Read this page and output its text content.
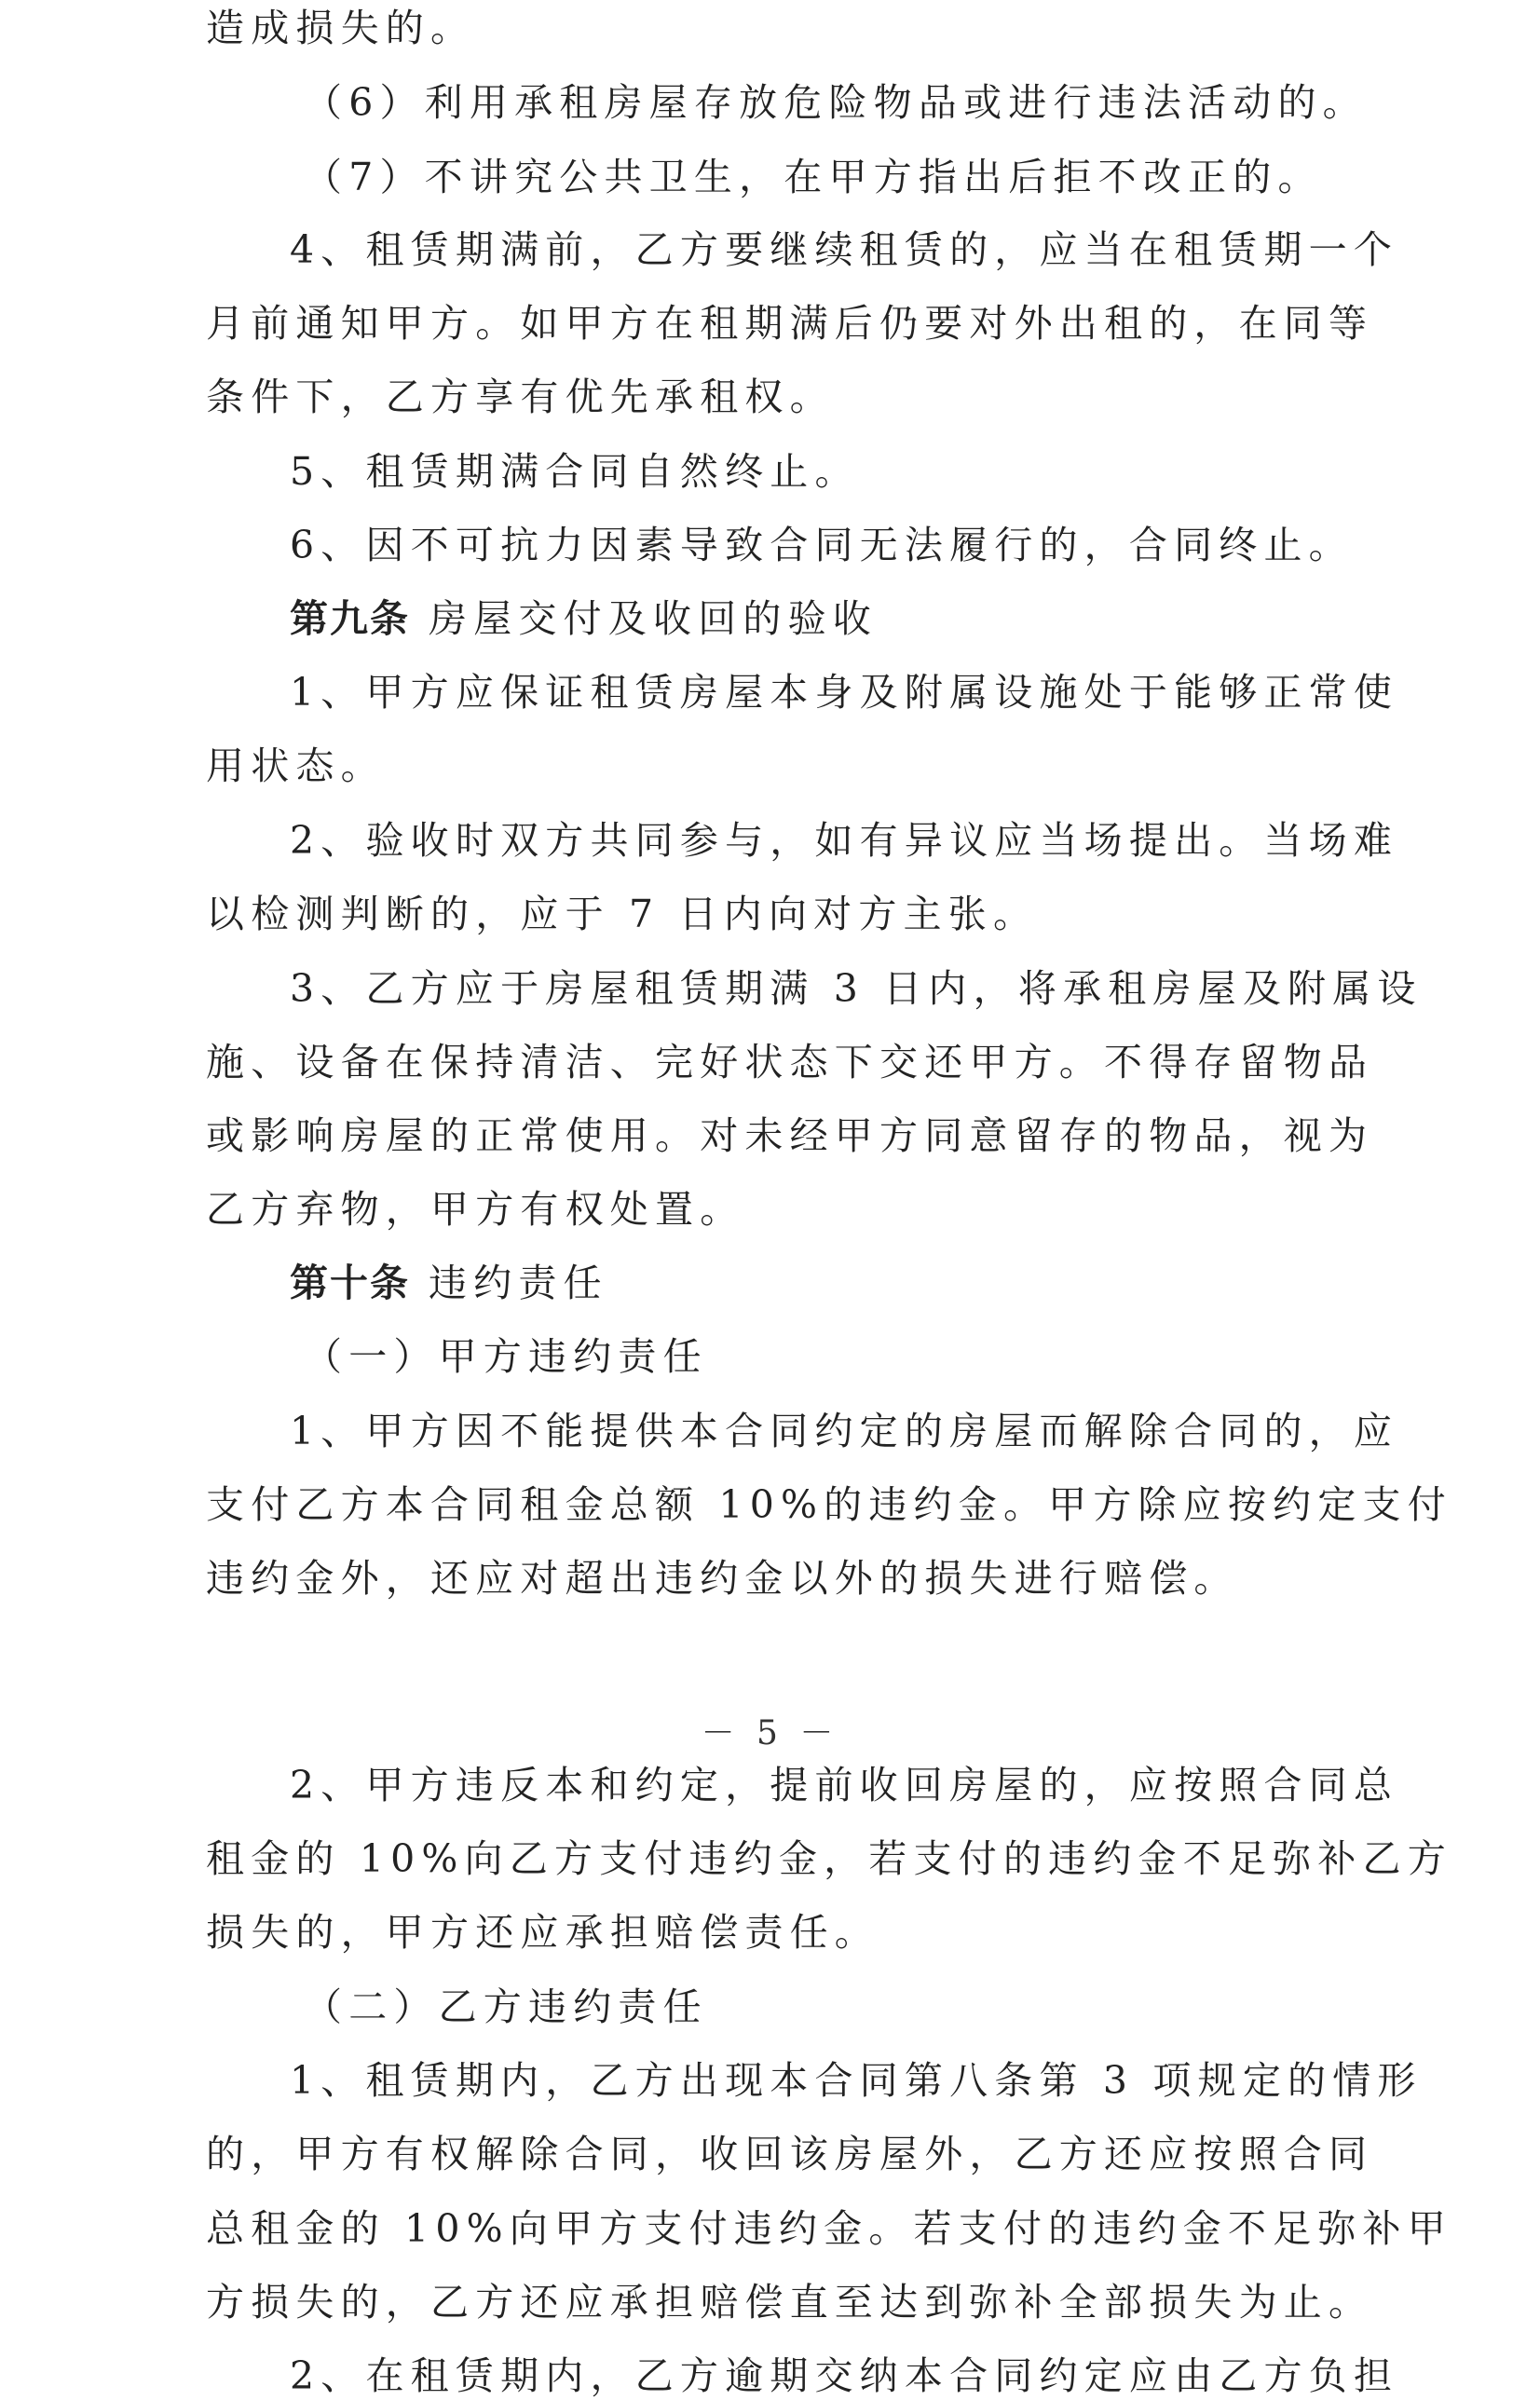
造成损失的。
（6）利用承租房屋存放危险物品或进行违法活动的。
（7）不讲究公共卫生，在甲方指出后拒不改正的。
4、租赁期满前，乙方要继续租赁的，应当在租赁期一个
月前通知甲方。如甲方在租期满后仍要对外出租的，在同等
条件下，乙方享有优先承租权。
5、租赁期满合同自然终止。
6、因不可抗力因素导致合同无法履行的，合同终止。
第九条 房屋交付及收回的验收
1、甲方应保证租赁房屋本身及附属设施处于能够正常使
用状态。
2、验收时双方共同参与，如有异议应当场提出。当场难
以检测判断的，应于 7 日内向对方主张。
3、乙方应于房屋租赁期满 3 日内，将承租房屋及附属设
施、设备在保持清洁、完好状态下交还甲方。不得存留物品
或影响房屋的正常使用。对未经甲方同意留存的物品，视为
乙方弃物，甲方有权处置。
第十条 违约责任
（一）甲方违约责任
1、甲方因不能提供本合同约定的房屋而解除合同的，应
支付乙方本合同租金总额 10%的违约金。甲方除应按约定支付
违约金外，还应对超出违约金以外的损失进行赔偿。
－ 5 －
2、甲方违反本和约定，提前收回房屋的，应按照合同总
租金的 10%向乙方支付违约金，若支付的违约金不足弥补乙方
损失的，甲方还应承担赔偿责任。
（二）乙方违约责任
1、租赁期内，乙方出现本合同第八条第 3 项规定的情形
的，甲方有权解除合同，收回该房屋外，乙方还应按照合同
总租金的 10%向甲方支付违约金。若支付的违约金不足弥补甲
方损失的，乙方还应承担赔偿直至达到弥补全部损失为止。
2、在租赁期内，乙方逾期交纳本合同约定应由乙方负担
